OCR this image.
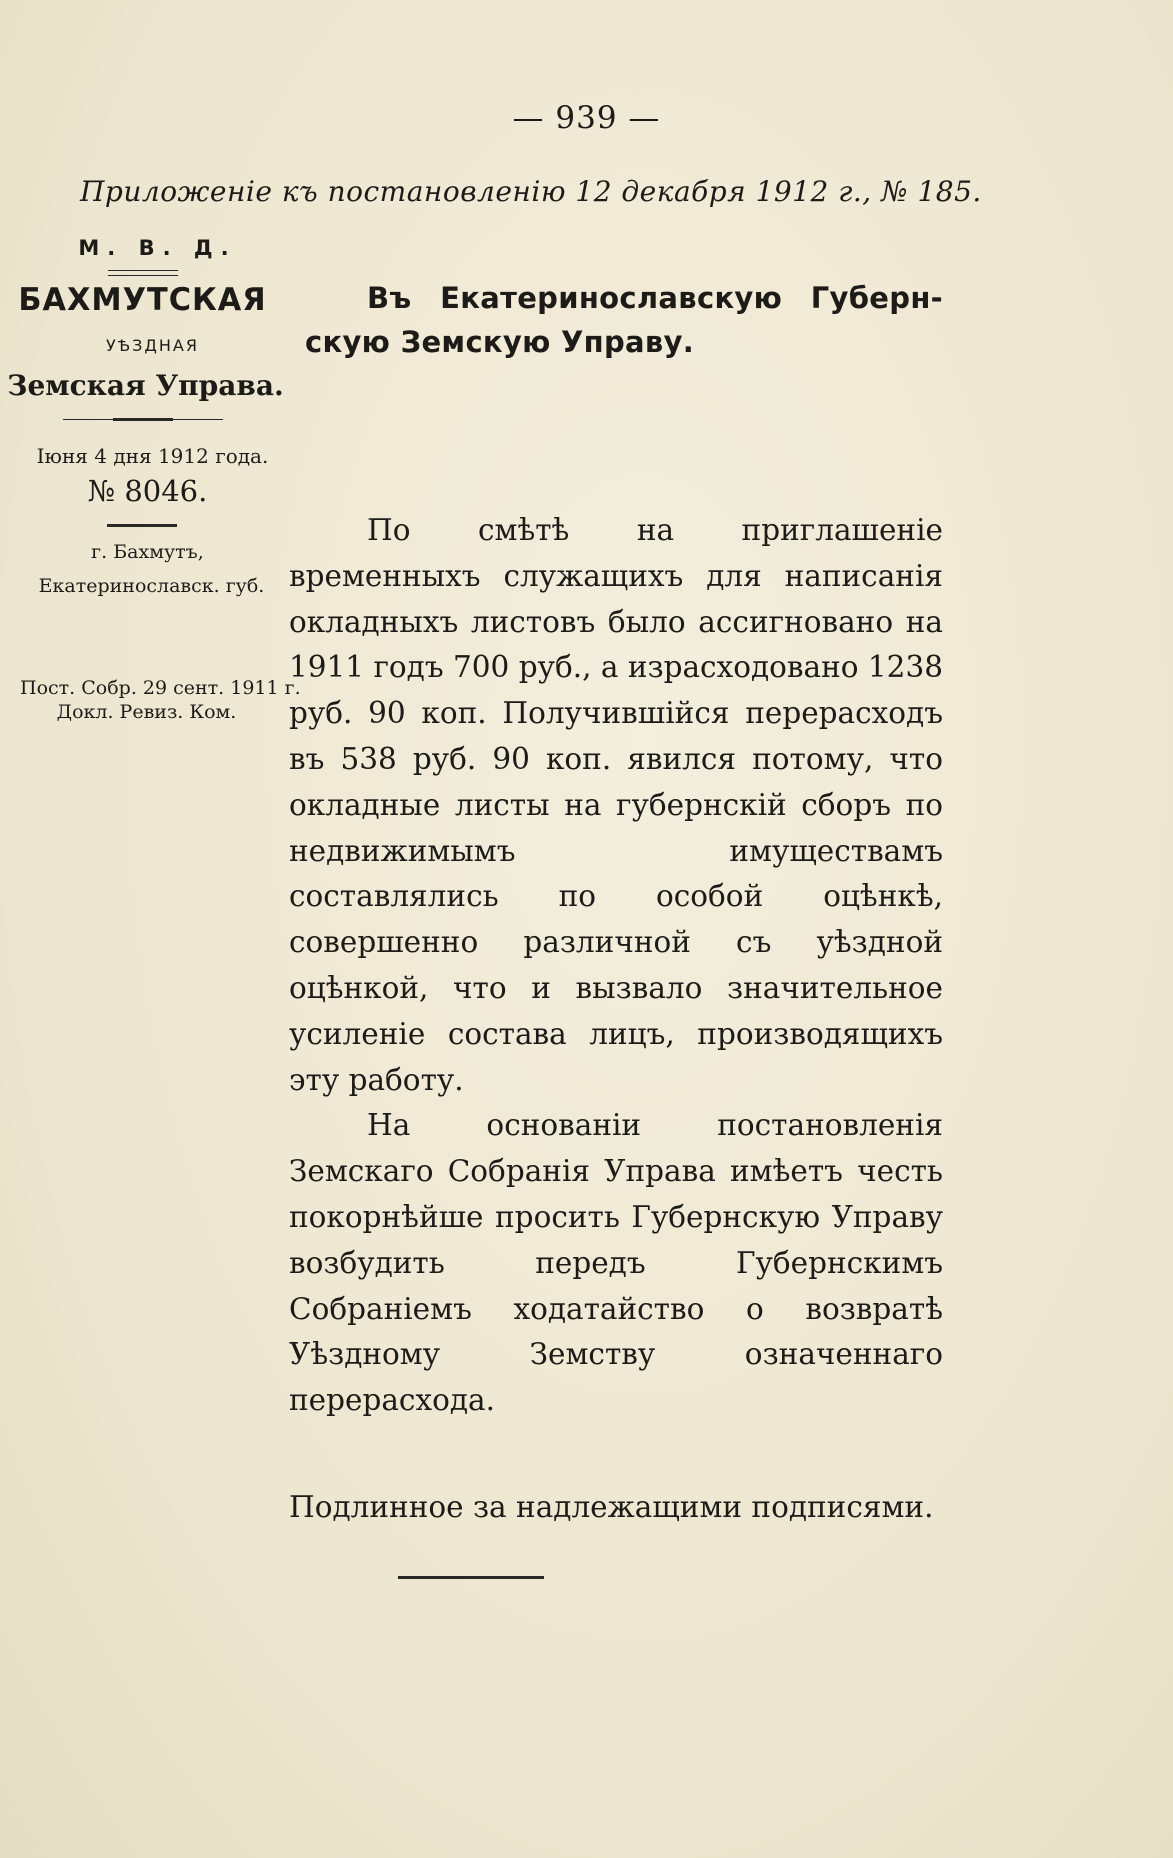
— 939 —
Приложеніе къ постановленію 12 декабря 1912 г., № 185.
М. В. Д.
БАХМУТСКАЯ
УѢЗДНАЯ
Земская Управа.
Іюня 4 дня 1912 года.
№ 8046.
г. Бахмутъ,
Екатеринославск. губ.
Пост. Собр. 29 сент. 1911 г.
Докл. Ревиз. Ком.
Въ Екатеринославскую Губерн-
скую Земскую Управу.

По смѣтѣ на приглашеніе временныхъ служащихъ для написанія окладныхъ листовъ было ассигновано на 1911 годъ 700 руб., а израсходовано 1238 руб. 90 коп. Получившійся перерасходъ въ 538 руб. 90 коп. явился потому, что окладные листы на губернскій сборъ по недвижимымъ имуществамъ составлялись по особой оцѣнкѣ, совершенно различной съ уѣздной оцѣнкой, что и вызвало значительное усиленіе состава лицъ, производящихъ эту работу.

На основаніи постановленія Земскаго Собранія Управа имѣетъ честь покорнѣйше просить Губернскую Управу возбудить передъ Губернскимъ Собраніемъ ходатайство о возвратѣ Уѣздному Земству означеннаго перерасхода.

Подлинное за надлежащими подписями.
